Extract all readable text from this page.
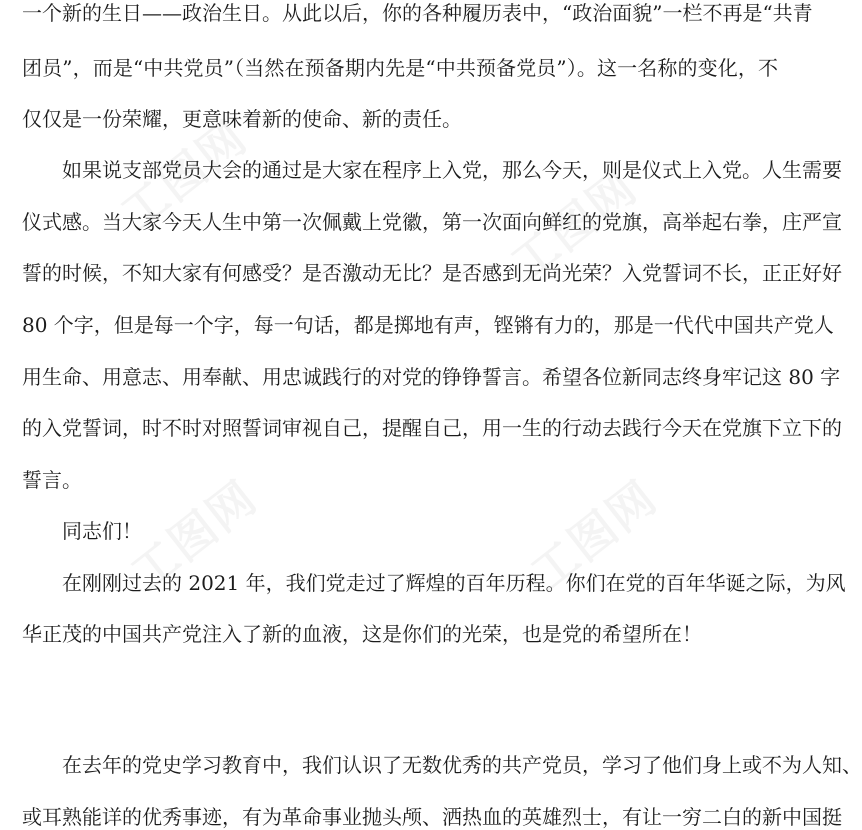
一个新的生日——政治生日。从此以后，你的各种履历表中，“政治面貌”一栏不再是“共青
团员”，而是“中共党员”（当然在预备期内先是“中共预备党员”）。这一名称的变化，不
仅仅是一份荣耀，更意味着新的使命、新的责任。
如果说支部党员大会的通过是大家在程序上入党，那么今天，则是仪式上入党。人生需要
仪式感。当大家今天人生中第一次佩戴上党徽，第一次面向鲜红的党旗，高举起右拳，庄严宣
誓的时候，不知大家有何感受？是否激动无比？是否感到无尚光荣？入党誓词不长，正正好好
80 个字，但是每一个字，每一句话，都是掷地有声，铿锵有力的，那是一代代中国共产党人
用生命、用意志、用奉献、用忠诚践行的对党的铮铮誓言。希望各位新同志终身牢记这 80 字
的入党誓词，时不时对照誓词审视自己，提醒自己，用一生的行动去践行今天在党旗下立下的
誓言。
同志们！
在刚刚过去的 2021 年，我们党走过了辉煌的百年历程。你们在党的百年华诞之际，为风
华正茂的中国共产党注入了新的血液，这是你们的光荣，也是党的希望所在！
在去年的党史学习教育中，我们认识了无数优秀的共产党员，学习了他们身上或不为人知、
或耳熟能详的优秀事迹，有为革命事业抛头颅、洒热血的英雄烈士，有让一穷二白的新中国挺
